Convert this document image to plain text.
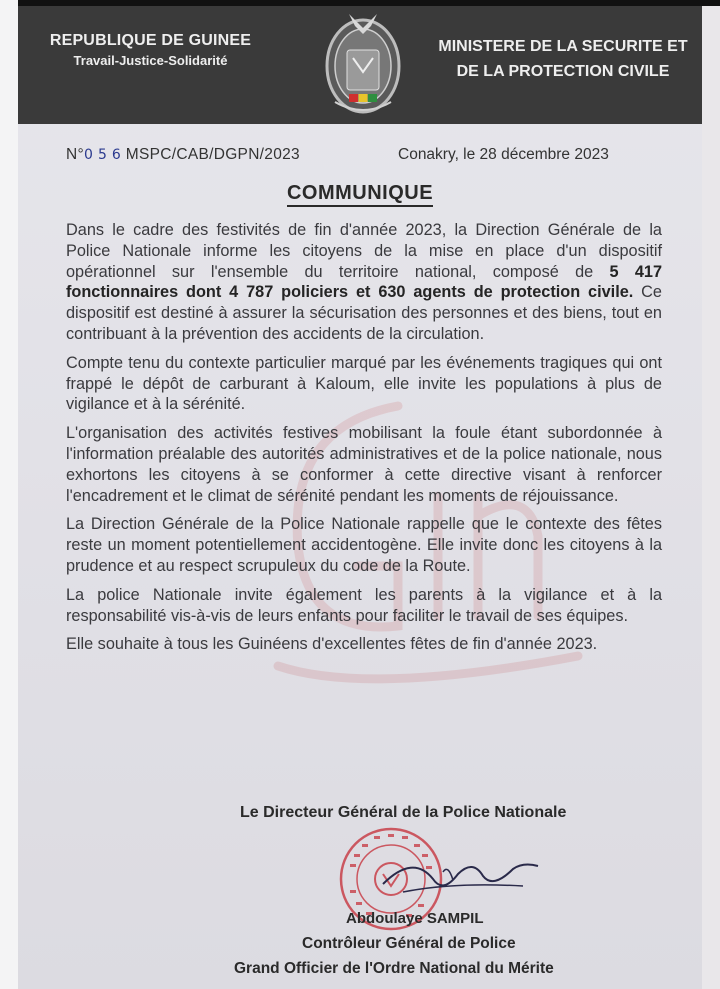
REPUBLIQUE DE GUINEE
Travail-Justice-Solidarité
MINISTERE DE LA SECURITE ET
DE LA PROTECTION CIVILE
N°0 5 6 MSPC/CAB/DGPN/2023	Conakry, le 28 décembre 2023
COMMUNIQUE

Dans le cadre des festivités de fin d'année 2023, la Direction Générale de la Police Nationale informe les citoyens de la mise en place d'un dispositif opérationnel sur l'ensemble du territoire national, composé de 5 417 fonctionnaires dont 4 787 policiers et 630 agents de protection civile. Ce dispositif est destiné à assurer la sécurisation des personnes et des biens, tout en contribuant à la prévention des accidents de la circulation.

Compte tenu du contexte particulier marqué par les événements tragiques qui ont frappé le dépôt de carburant à Kaloum, elle invite les populations à plus de vigilance et à la sérénité.

L'organisation des activités festives mobilisant la foule étant subordonnée à l'information préalable des autorités administratives et de la police nationale, nous exhortons les citoyens à se conformer à cette directive visant à renforcer l'encadrement et le climat de sérénité pendant les moments de réjouissance.

La Direction Générale de la Police Nationale rappelle que le contexte des fêtes reste un moment potentiellement accidentogène. Elle invite donc les citoyens à la prudence et au respect scrupuleux du code de la Route.

La police Nationale invite également les parents à la vigilance et à la responsabilité vis-à-vis de leurs enfants pour faciliter le travail de ses équipes.

Elle souhaite à tous les Guinéens d'excellentes fêtes de fin d'année 2023.

Le Directeur Général de la Police Nationale
Abdoulaye SAMPIL
Contrôleur Général de Police
Grand Officier de l'Ordre National du Mérite
